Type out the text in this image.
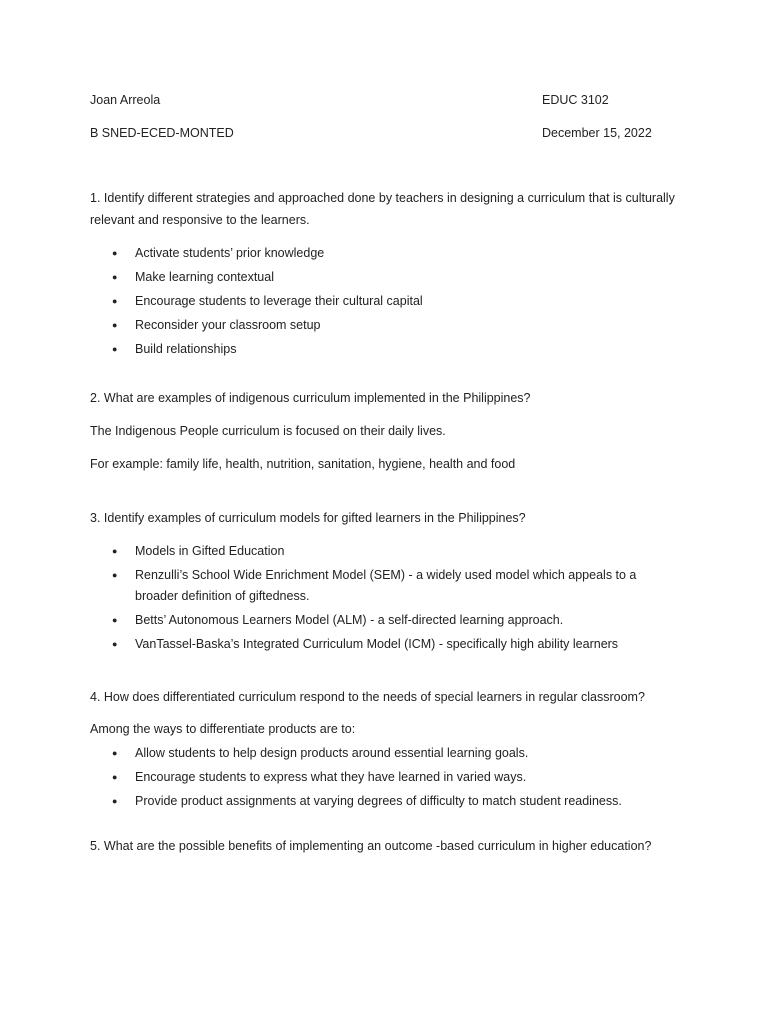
Joan Arreola	EDUC 3102
B SNED-ECED-MONTED	December 15, 2022
1. Identify different strategies and approached done by teachers in designing a curriculum that is culturally relevant and responsive to the learners.
● Activate students’ prior knowledge
● Make learning contextual
● Encourage students to leverage their cultural capital
● Reconsider your classroom setup
● Build relationships
2. What are examples of indigenous curriculum implemented in the Philippines?
The Indigenous People curriculum is focused on their daily lives.
For example: family life, health, nutrition, sanitation, hygiene, health and food
3. Identify examples of curriculum models for gifted learners in the Philippines?
● Models in Gifted Education
● Renzulli’s School Wide Enrichment Model (SEM) - a widely used model which appeals to a broader definition of giftedness.
● Betts’ Autonomous Learners Model (ALM) - a self-directed learning approach.
● VanTassel-Baska’s Integrated Curriculum Model (ICM) - specifically high ability learners
4. How does differentiated curriculum respond to the needs of special learners in regular classroom?
Among the ways to differentiate products are to:
● Allow students to help design products around essential learning goals.
● Encourage students to express what they have learned in varied ways.
● Provide product assignments at varying degrees of difficulty to match student readiness.
5. What are the possible benefits of implementing an outcome -based curriculum in higher education?
